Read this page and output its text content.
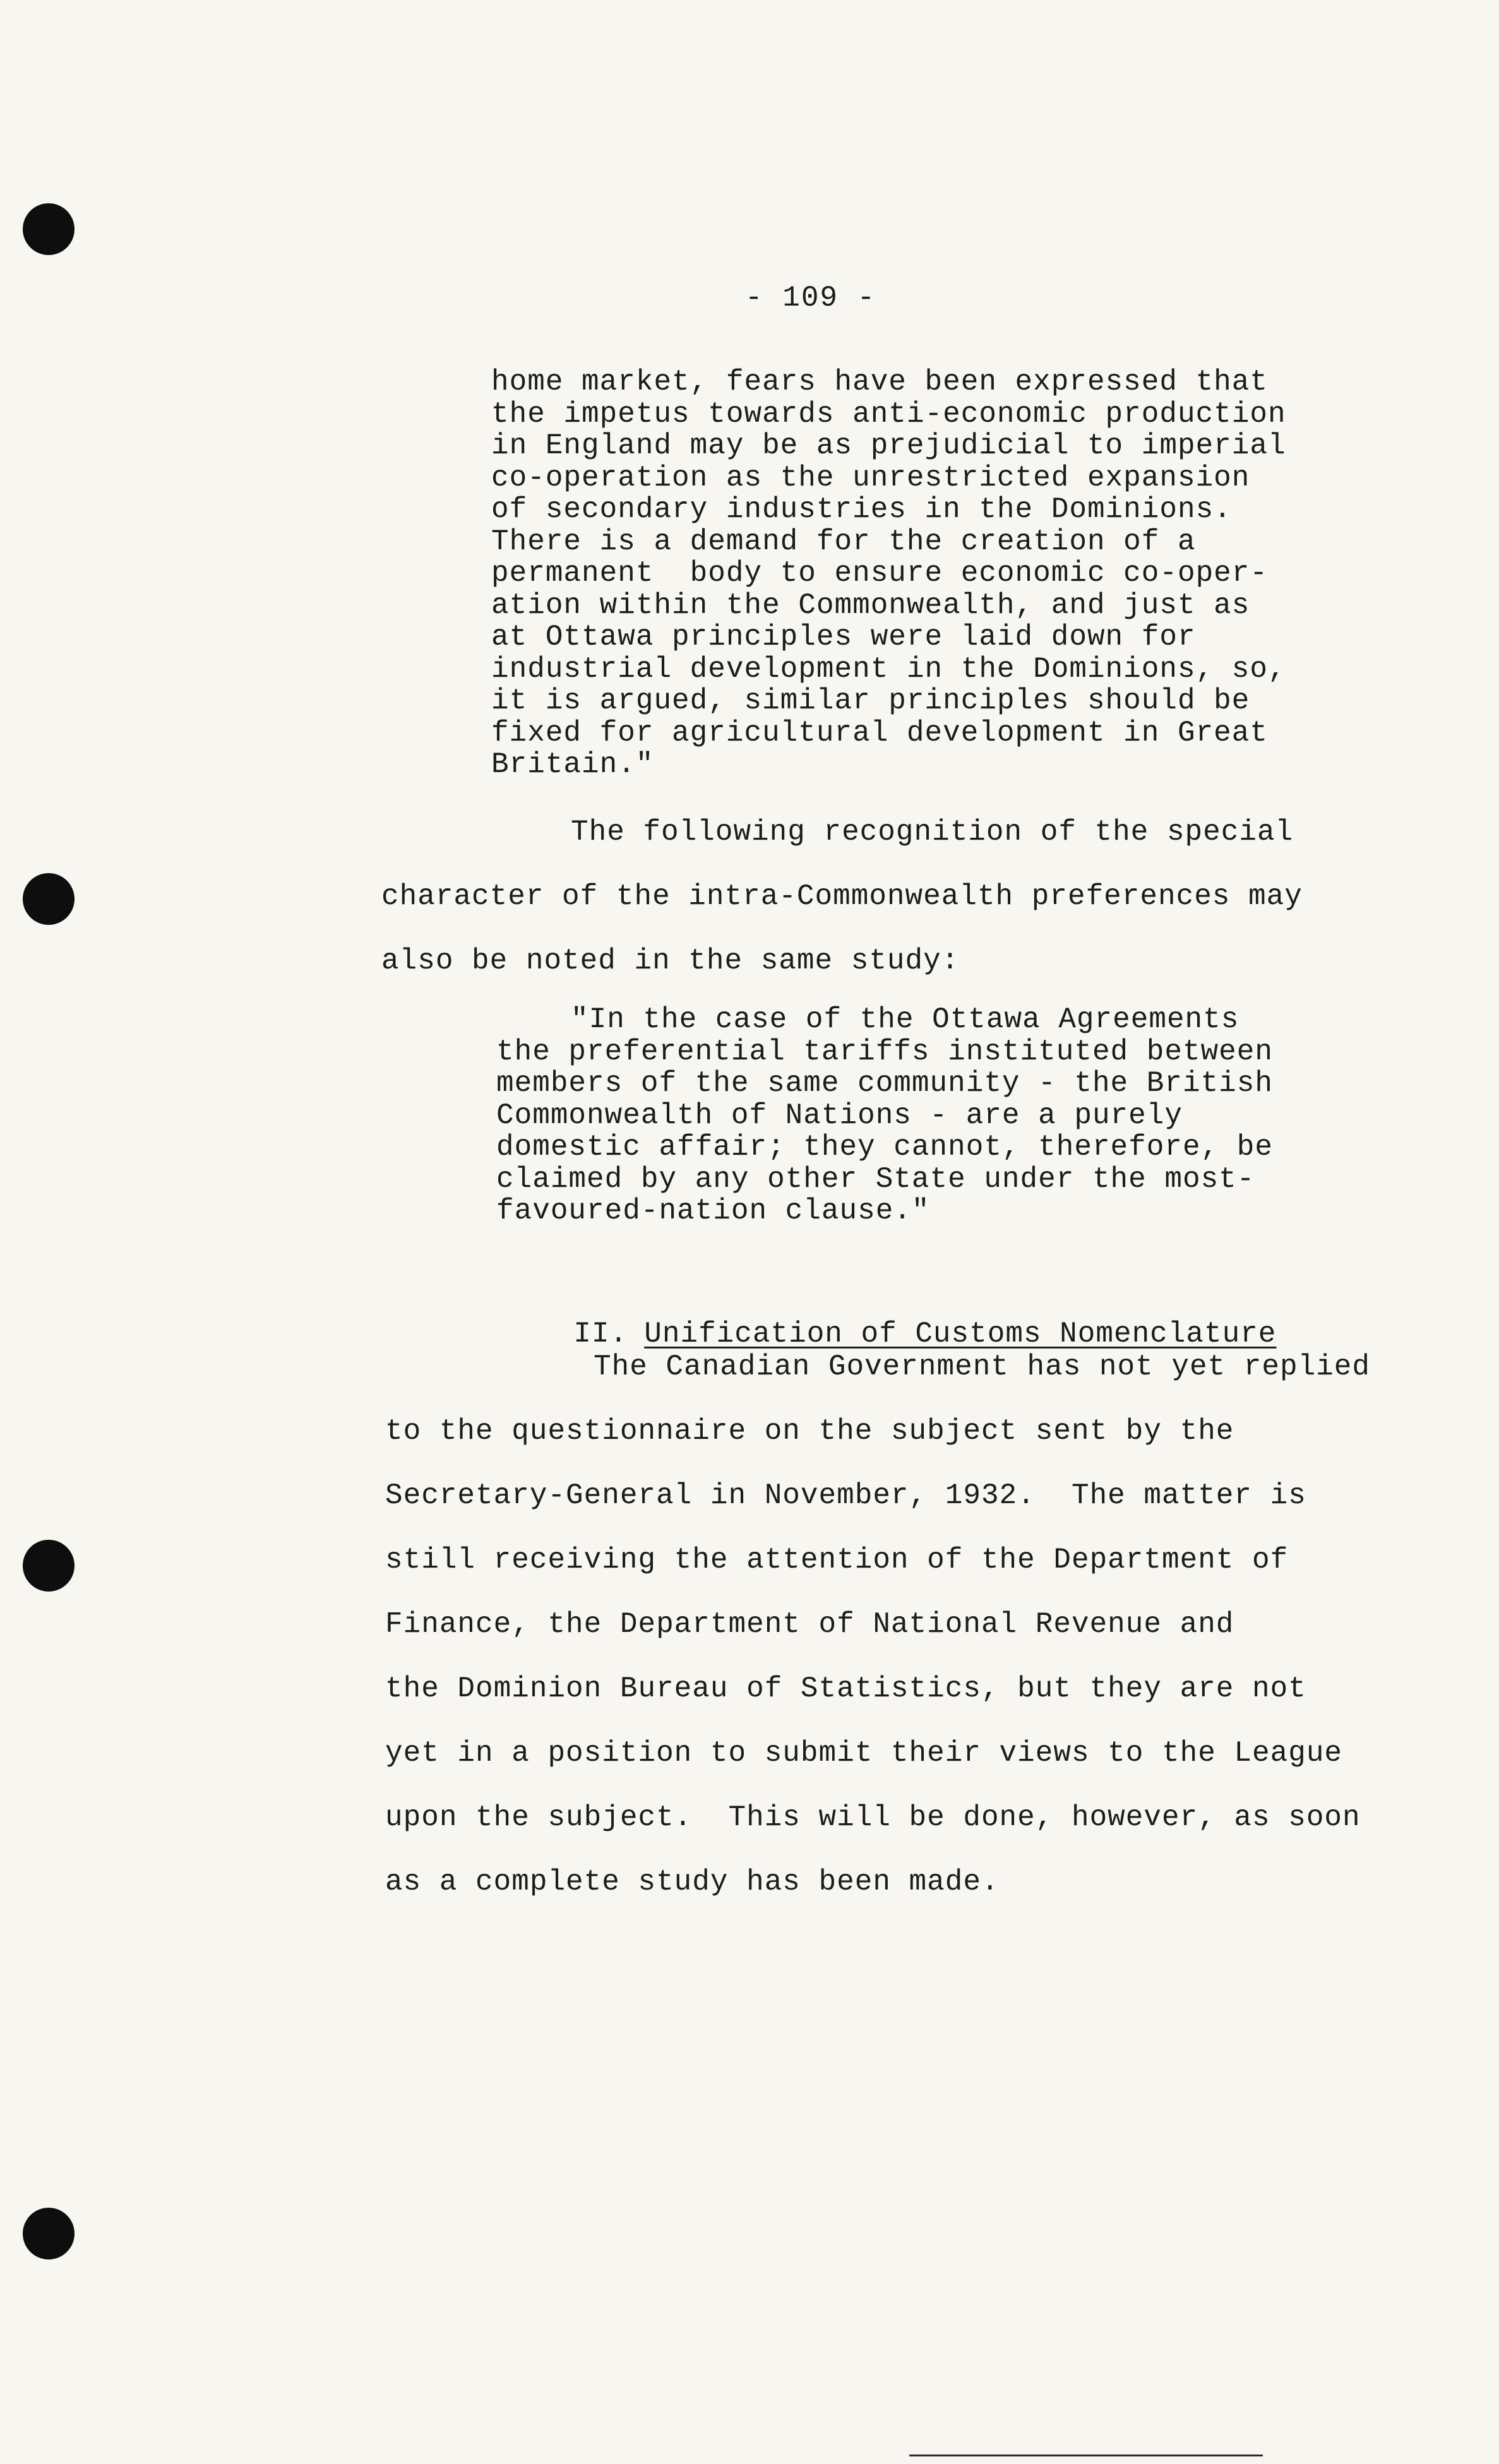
- 109 -
home market, fears have been expressed that
the impetus towards anti-economic production
in England may be as prejudicial to imperial
co-operation as the unrestricted expansion
of secondary industries in the Dominions.
There is a demand for the creation of a
permanent  body to ensure economic co-oper-
ation within the Commonwealth, and just as
at Ottawa principles were laid down for
industrial development in the Dominions, so,
it is argued, similar principles should be
fixed for agricultural development in Great
Britain."
The following recognition of the special
character of the intra-Commonwealth preferences may
also be noted in the same study:
"In the case of the Ottawa Agreements
the preferential tariffs instituted between
members of the same community - the British
Commonwealth of Nations - are a purely
domestic affair; they cannot, therefore, be
claimed by any other State under the most-
favoured-nation clause."

II. Unification of Customs Nomenclature

The Canadian Government has not yet replied
to the questionnaire on the subject sent by the
Secretary-General in November, 1932.  The matter is
still receiving the attention of the Department of
Finance, the Department of National Revenue and
the Dominion Bureau of Statistics, but they are not
yet in a position to submit their views to the League
upon the subject.  This will be done, however, as soon
as a complete study has been made.
